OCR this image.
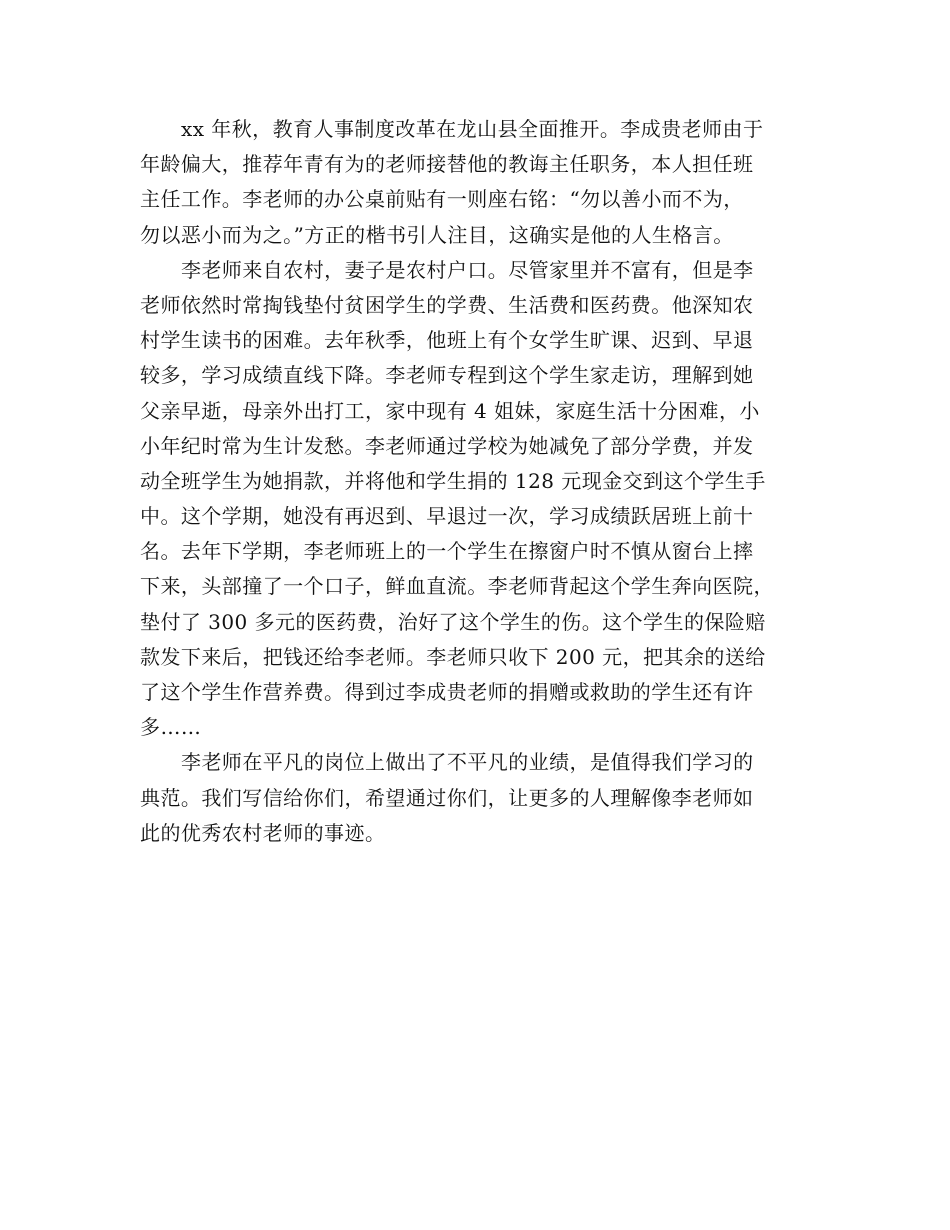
xx 年秋，教育人事制度改革在龙山县全面推开。李成贵老师由于
年龄偏大，推荐年青有为的老师接替他的教诲主任职务，本人担任班
主任工作。李老师的办公桌前贴有一则座右铭：“勿以善小而不为，
勿以恶小而为之。”方正的楷书引人注目，这确实是他的人生格言。
李老师来自农村，妻子是农村户口。尽管家里并不富有，但是李
老师依然时常掏钱垫付贫困学生的学费、生活费和医药费。他深知农
村学生读书的困难。去年秋季，他班上有个女学生旷课、迟到、早退
较多，学习成绩直线下降。李老师专程到这个学生家走访，理解到她
父亲早逝，母亲外出打工，家中现有 4 姐妹，家庭生活十分困难，小
小年纪时常为生计发愁。李老师通过学校为她减免了部分学费，并发
动全班学生为她捐款，并将他和学生捐的 128 元现金交到这个学生手
中。这个学期，她没有再迟到、早退过一次，学习成绩跃居班上前十
名。去年下学期，李老师班上的一个学生在擦窗户时不慎从窗台上摔
下来，头部撞了一个口子，鲜血直流。李老师背起这个学生奔向医院，
垫付了 300 多元的医药费，治好了这个学生的伤。这个学生的保险赔
款发下来后，把钱还给李老师。李老师只收下 200 元，把其余的送给
了这个学生作营养费。得到过李成贵老师的捐赠或救助的学生还有许
多……
李老师在平凡的岗位上做出了不平凡的业绩，是值得我们学习的
典范。我们写信给你们，希望通过你们，让更多的人理解像李老师如
此的优秀农村老师的事迹。
